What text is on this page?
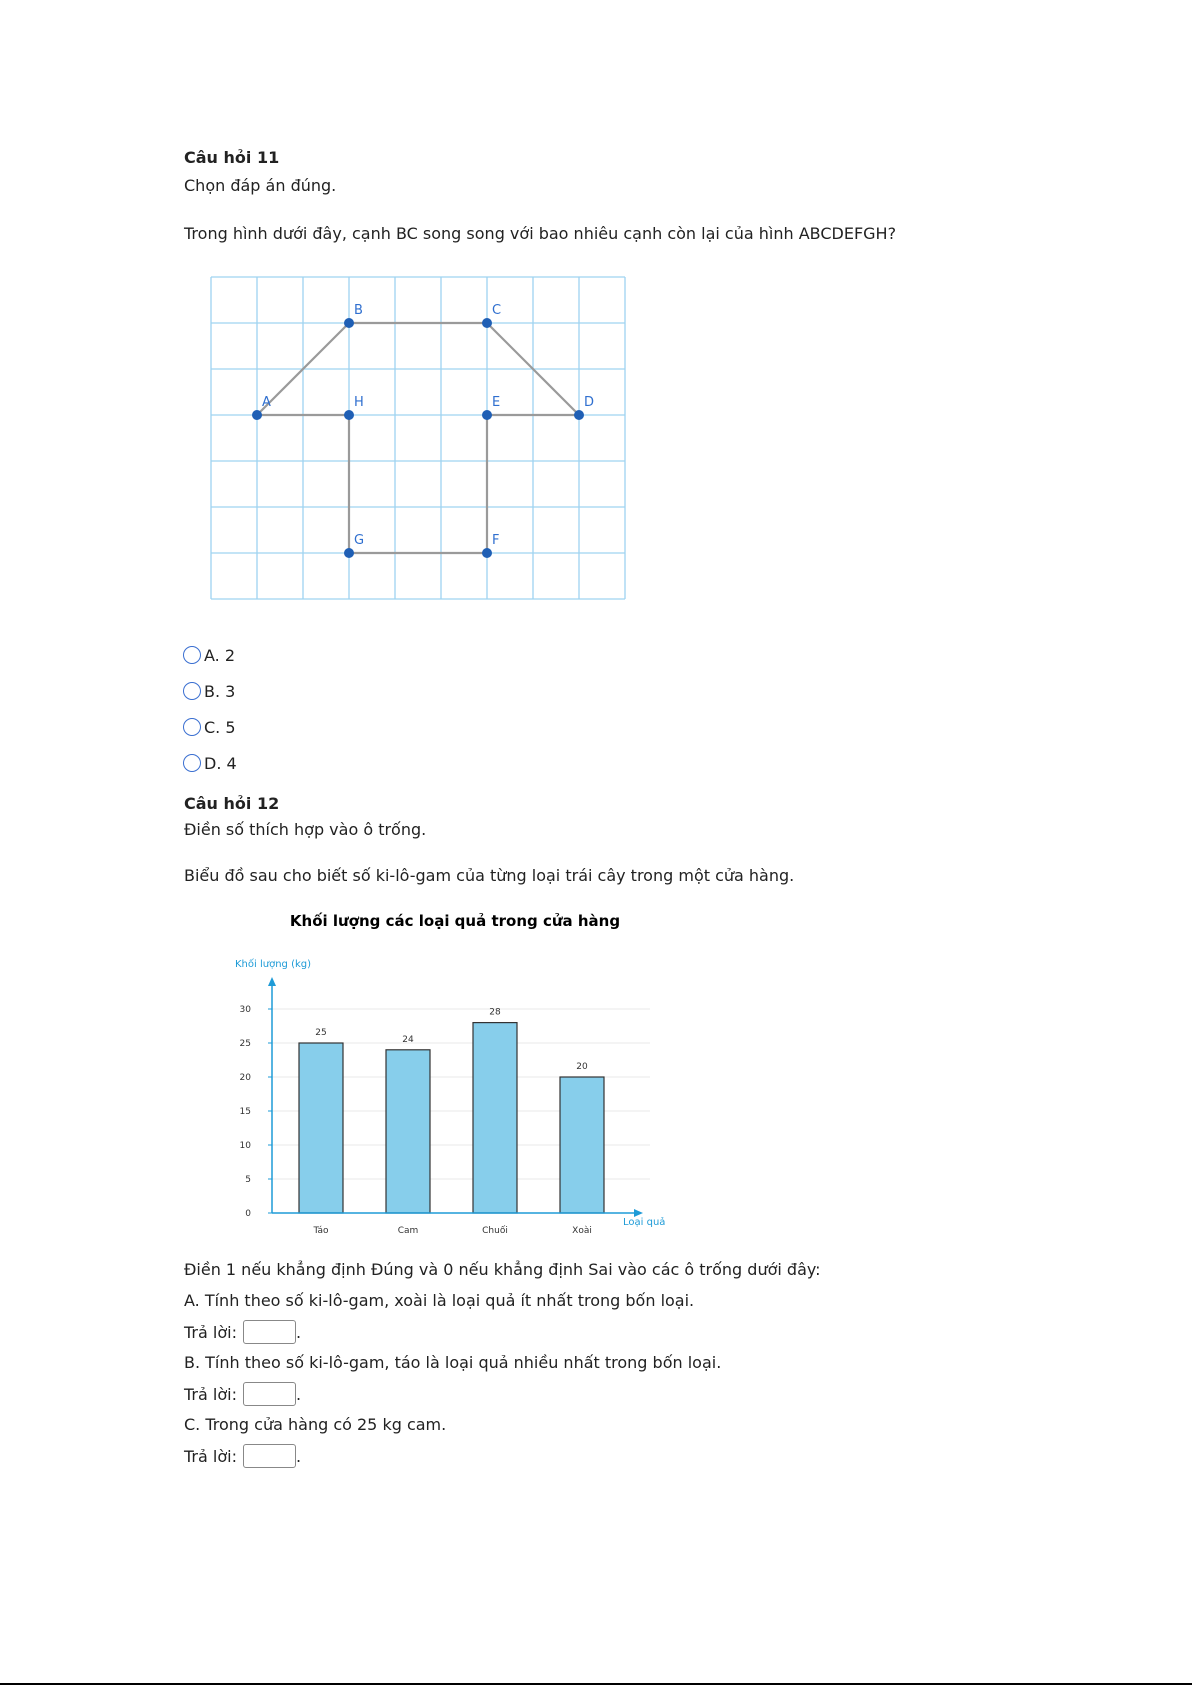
Câu hỏi 11
Chọn đáp án đúng.
Trong hình dưới đây, cạnh BC song song với bao nhiêu cạnh còn lại của hình ABCDEFGH?
A
B	C
D
E
F
G
H
A. 2
B. 3
C. 5
D. 4
Câu hỏi 12
Điền số thích hợp vào ô trống.
Biểu đồ sau cho biết số ki-lô-gam của từng loại trái cây trong một cửa hàng.
Khối lượng các loại quả trong cửa hàng
Khối lượng (kg)
0
5
10
15
20
25
30
25
Táo
24
Cam
28
Chuối
20
Xoài
Loại quả
Điền 1 nếu khẳng định Đúng và 0 nếu khẳng định Sai vào các ô trống dưới đây:
A. Tính theo số ki-lô-gam, xoài là loại quả ít nhất trong bốn loại.
Trả lời:	.
B. Tính theo số ki-lô-gam, táo là loại quả nhiều nhất trong bốn loại.
Trả lời:	.
C. Trong cửa hàng có 25 kg cam.
Trả lời:	.
